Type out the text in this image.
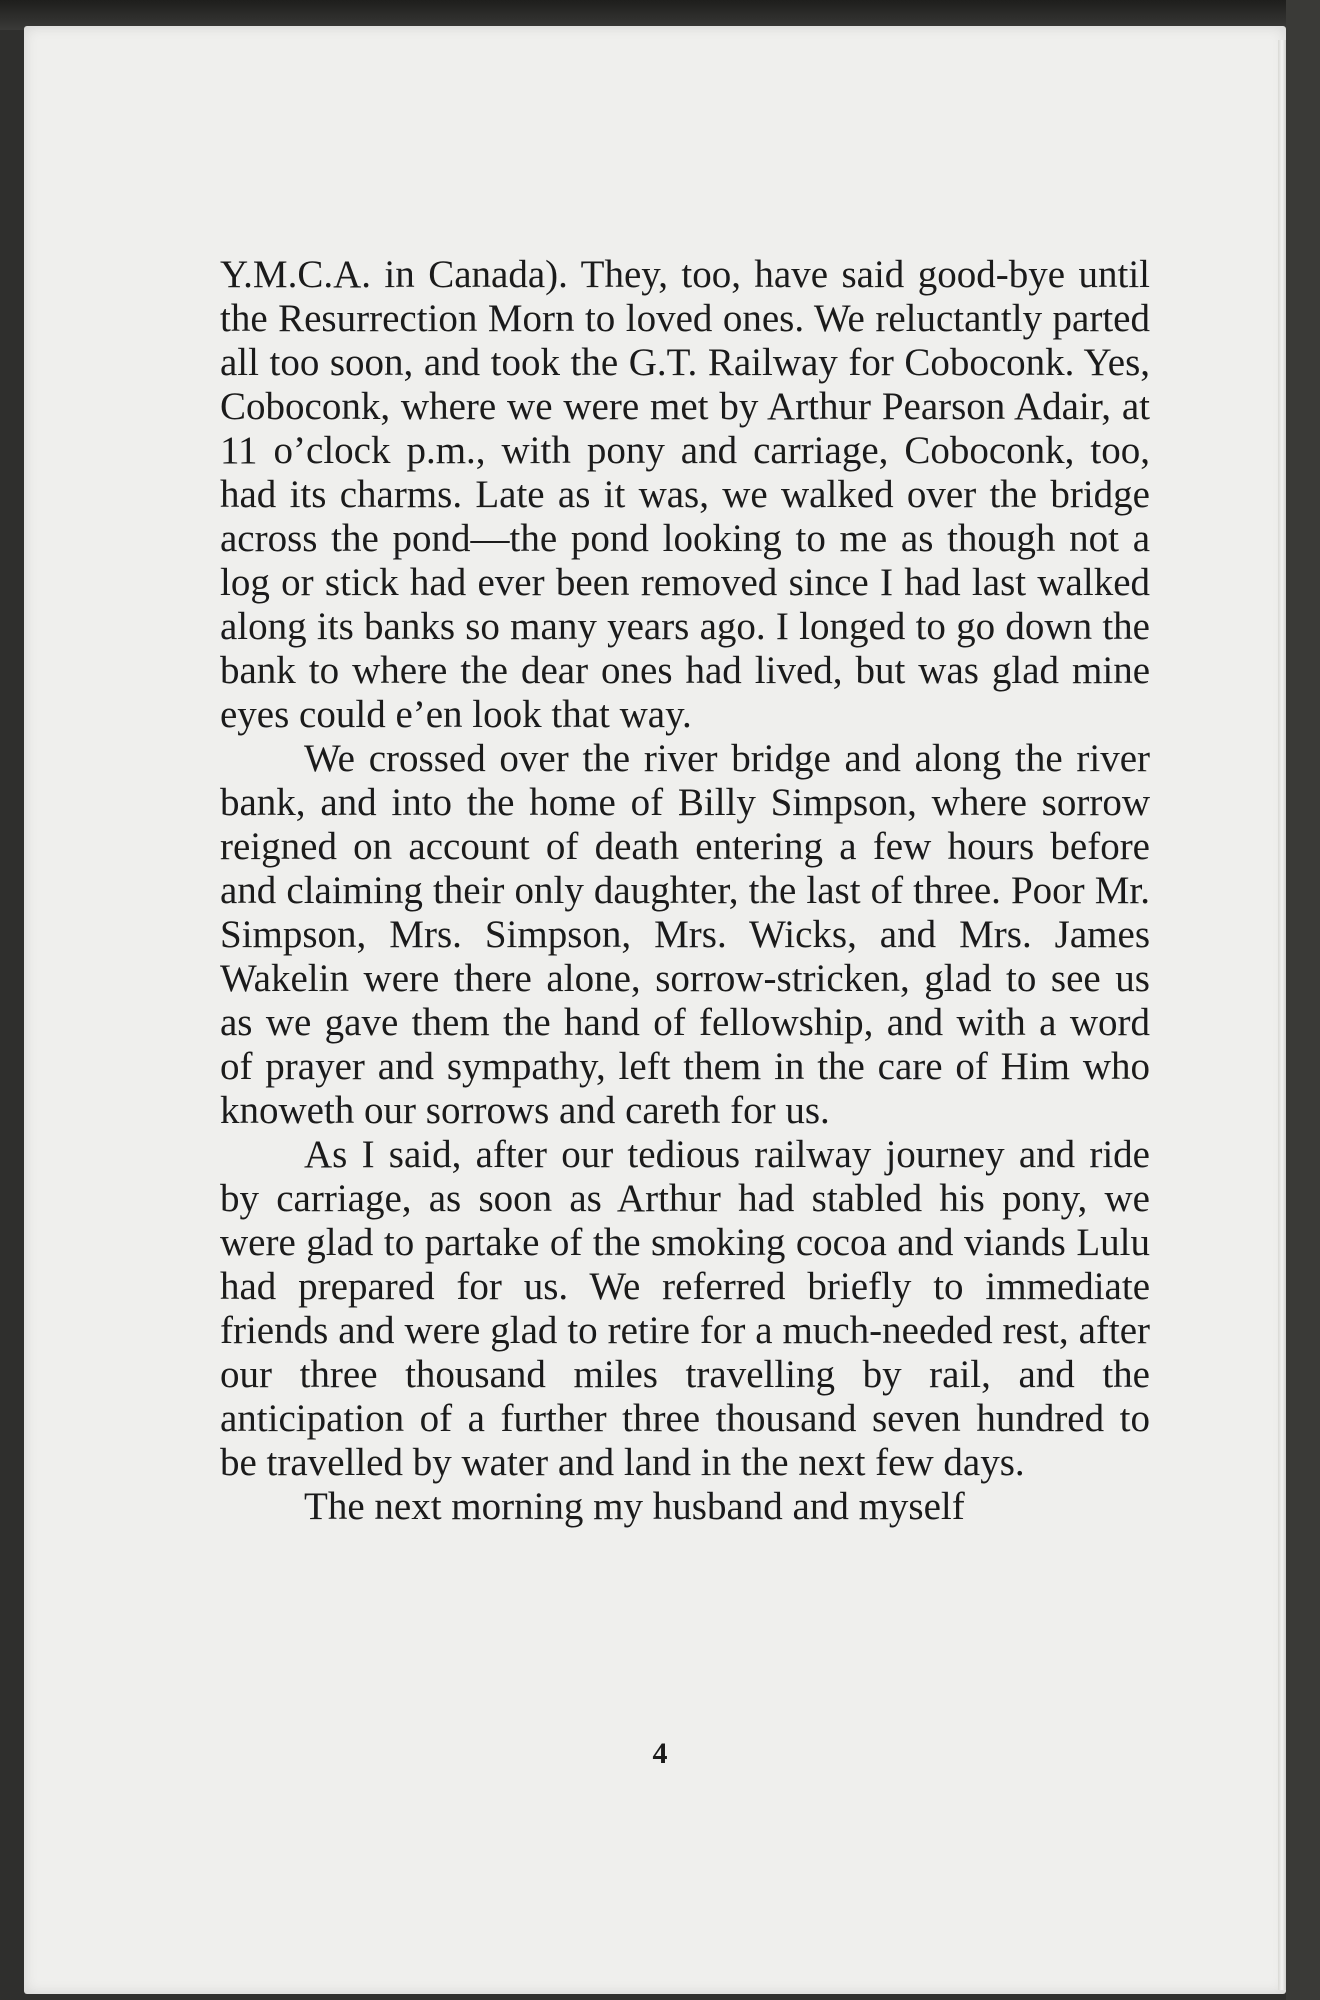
Y.M.C.A. in Canada). They, too, have said good-bye until the Resurrection Morn to loved ones. We reluctantly parted all too soon, and took the G.T. Railway for Coboconk. Yes, Coboconk, where we were met by Arthur Pearson Adair, at 11 o’clock p.m., with pony and carriage, Coboconk, too, had its charms. Late as it was, we walked over the bridge across the pond—the pond looking to me as though not a log or stick had ever been removed since I had last walked along its banks so many years ago. I longed to go down the bank to where the dear ones had lived, but was glad mine eyes could e’en look that way.

We crossed over the river bridge and along the river bank, and into the home of Billy Simpson, where sorrow reigned on account of death entering a few hours before and claiming their only daughter, the last of three. Poor Mr. Simpson, Mrs. Simpson, Mrs. Wicks, and Mrs. James Wakelin were there alone, sorrow-stricken, glad to see us as we gave them the hand of fellowship, and with a word of prayer and sympathy, left them in the care of Him who knoweth our sorrows and careth for us.

As I said, after our tedious railway journey and ride by carriage, as soon as Arthur had stabled his pony, we were glad to partake of the smoking cocoa and viands Lulu had prepared for us. We referred briefly to immediate friends and were glad to retire for a much-needed rest, after our three thousand miles travelling by rail, and the anticipation of a further three thousand seven hundred to be travelled by water and land in the next few days.

The next morning my husband and myself

4
